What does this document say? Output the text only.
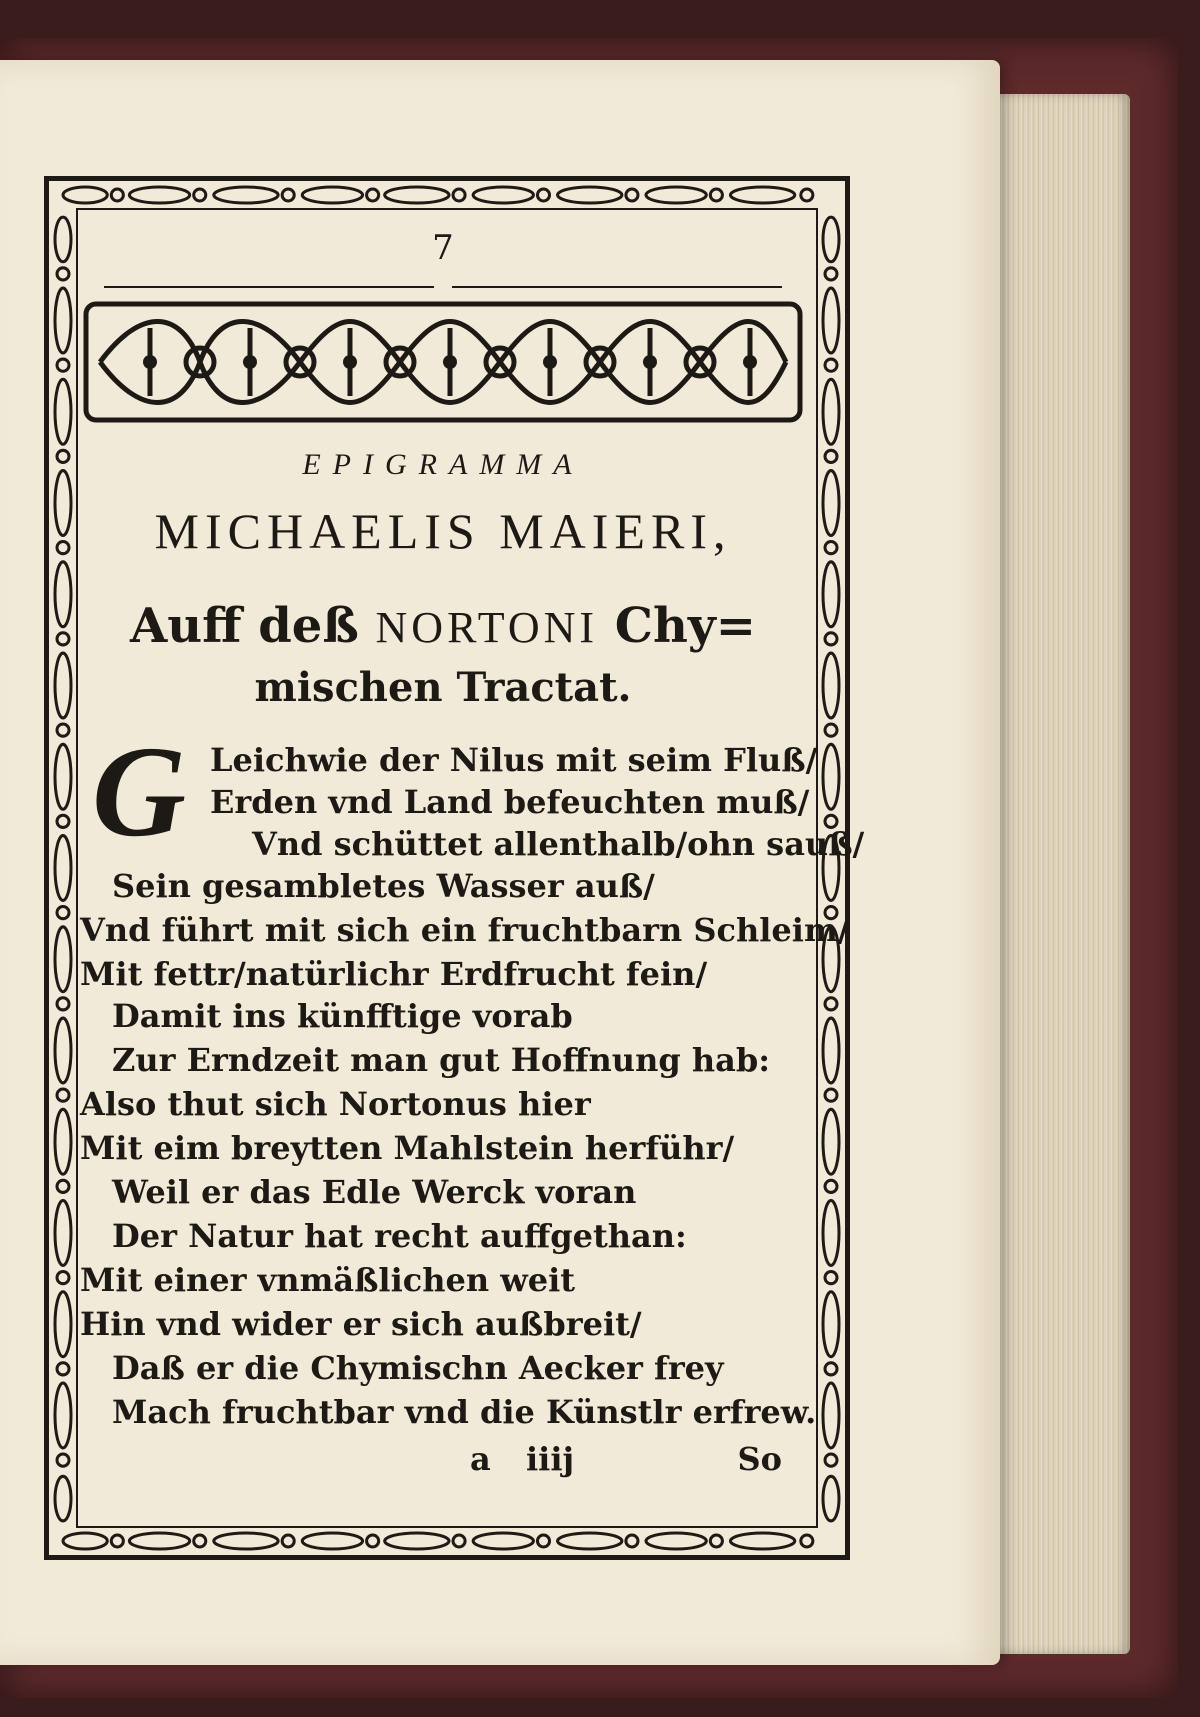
7
EPIGRAMMA
MICHAELIS MAIERI,
Auff deß NORTONI Chy=
mischen Tractat.
G Leichwie der Nilus mit seim Fluß/
Erden vnd Land befeuchten muß/
Vnd schüttet allenthalb/ohn sauß/
Sein gesambletes Wasser auß/
Vnd führt mit sich ein fruchtbarn Schleim/
Mit fettr/natürlichr Erdfrucht fein/
Damit ins künfftige vorab
Zur Erndzeit man gut Hoffnung hab:
Also thut sich Nortonus hier
Mit eim breytten Mahlstein herführ/
Weil er das Edle Werck voran
Der Natur hat recht auffgethan:
Mit einer vnmäßlichen weit
Hin vnd wider er sich außbreit/
Daß er die Chymischn Aecker frey
Mach fruchtbar vnd die Künstlr erfrew.
a iiij	So
